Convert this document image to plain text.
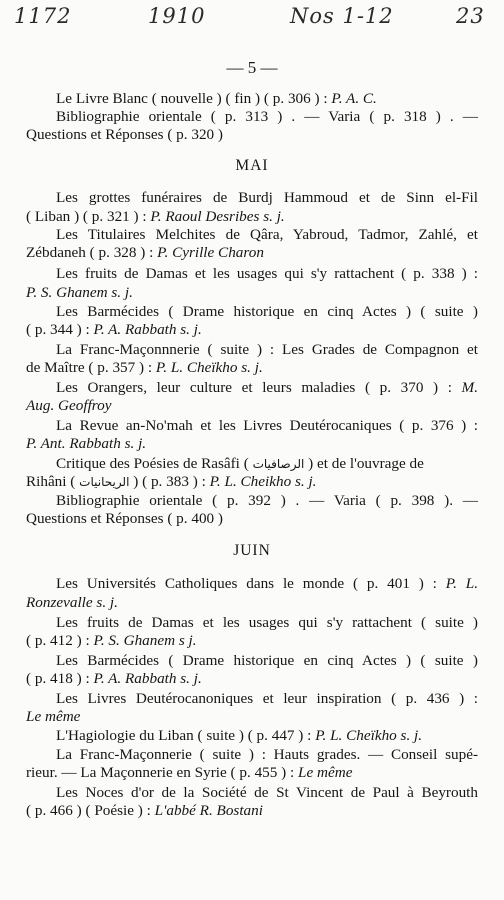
1172	1910	Nos 1-12	23
— 5 —
Le Livre Blanc ( nouvelle ) ( fin ) ( p. 306 ) : P. A. C.
Bibliographie orientale ( p. 313 ) . — Varia ( p. 318 ) . —
Questions et Réponses ( p. 320 )
MAI
Les grottes funéraires de Burdj Hammoud et de Sinn el-Fil
( Liban ) ( p. 321 ) : P. Raoul Desribes s. j.
Les Titulaires Melchites de Qâra, Yabroud, Tadmor, Zahlé, et
Zébdaneh ( p. 328 ) : P. Cyrille Charon
Les fruits de Damas et les usages qui s'y rattachent ( p. 338 ) :
P. S. Ghanem s. j.
Les Barmécides ( Drame historique en cinq Actes ) ( suite )
( p. 344 ) : P. A. Rabbath s. j.
La Franc-Maçonnnerie ( suite ) : Les Grades de Compagnon et
de Maître ( p. 357 ) : P. L. Cheïkho s. j.
Les Orangers, leur culture et leurs maladies ( p. 370 ) : M.
Aug. Geoffroy
La Revue an-No'mah et les Livres Deutérocaniques ( p. 376 ) :
P. Ant. Rabbath s. j.
Critique des Poésies de Rasâfi ( الرصافيات ) et de l'ouvrage de
Rihâni ( الريحانيات ) ( p. 383 ) : P. L. Cheikho s. j.
Bibliographie orientale ( p. 392 ) . — Varia ( p. 398 ). —
Questions et Réponses ( p. 400 )
JUIN
Les Universités Catholiques dans le monde ( p. 401 ) : P. L.
Ronzevalle s. j.
Les fruits de Damas et les usages qui s'y rattachent ( suite )
( p. 412 ) : P. S. Ghanem s j.
Les Barmécides ( Drame historique en cinq Actes ) ( suite )
( p. 418 ) : P. A. Rabbath s. j.
Les Livres Deutérocanoniques et leur inspiration ( p. 436 ) :
Le même
L'Hagiologie du Liban ( suite ) ( p. 447 ) : P. L. Cheïkho s. j.
La Franc-Maçonnerie ( suite ) : Hauts grades. — Conseil supé-
rieur. — La Maçonnerie en Syrie ( p. 455 ) : Le même
Les Noces d'or de la Société de St Vincent de Paul à Beyrouth
( p. 466 ) ( Poésie ) : L'abbé R. Bostani
